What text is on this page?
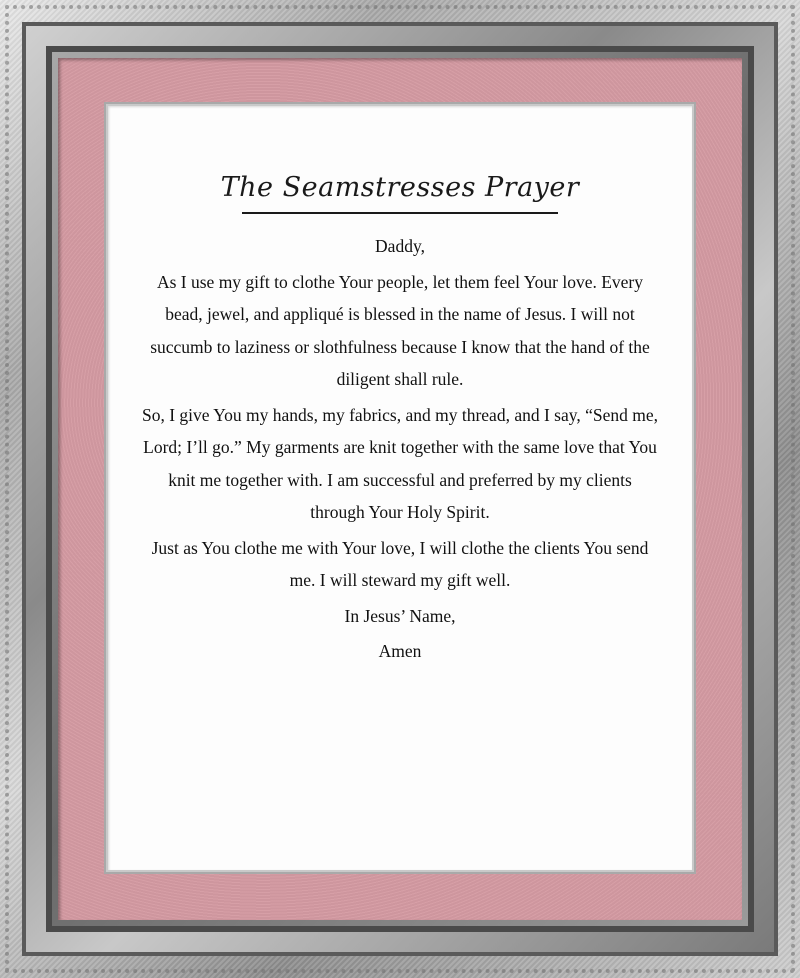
The Seamstresses Prayer

Daddy,

As I use my gift to clothe Your people, let them feel Your love. Every bead, jewel, and appliqué is blessed in the name of Jesus. I will not succumb to laziness or slothfulness because I know that the hand of the diligent shall rule.

So, I give You my hands, my fabrics, and my thread, and I say, “Send me, Lord; I’ll go.” My garments are knit together with the same love that You knit me together with. I am successful and preferred by my clients through Your Holy Spirit.

Just as You clothe me with Your love, I will clothe the clients You send me. I will steward my gift well.

In Jesus’ Name,

Amen
